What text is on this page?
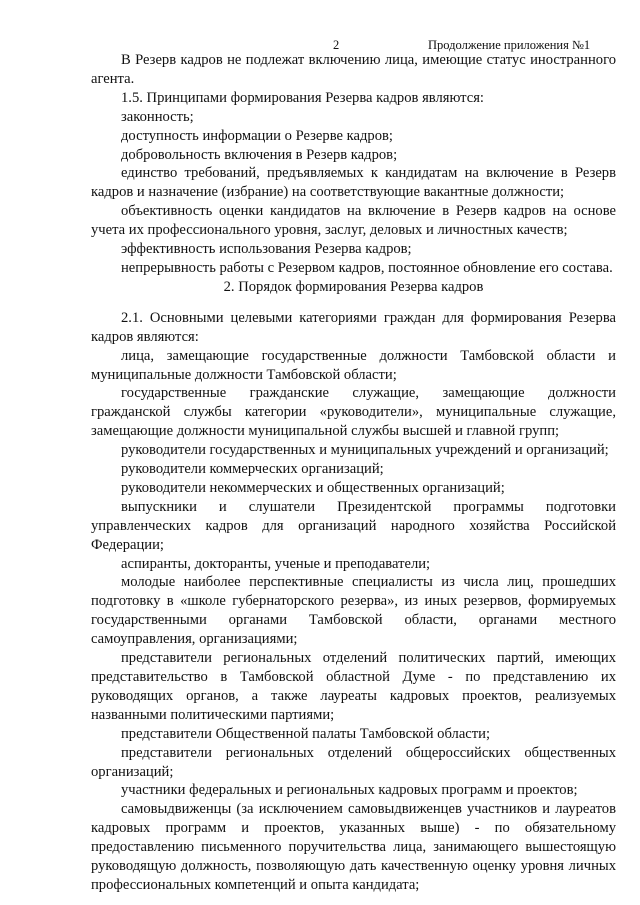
2	Продолжение приложения №1

В Резерв кадров не подлежат включению лица, имеющие статус иностранного агента.

1.5. Принципами формирования Резерва кадров являются:

законность;

доступность информации о Резерве кадров;

добровольность включения в Резерв кадров;

единство требований, предъявляемых к кандидатам на включение в Резерв кадров и назначение (избрание) на соответствующие вакантные должности;

объективность оценки кандидатов на включение в Резерв кадров на основе учета их профессионального уровня, заслуг, деловых и личностных качеств;

эффективность использования Резерва кадров;

непрерывность работы с Резервом кадров, постоянное обновление его состава.

2. Порядок формирования Резерва кадров

2.1. Основными целевыми категориями граждан для формирования Резерва кадров являются:

лица, замещающие государственные должности Тамбовской области и муниципальные должности Тамбовской области;

государственные гражданские служащие, замещающие должности гражданской службы категории «руководители», муниципальные служащие, замещающие должности муниципальной службы высшей и главной групп;

руководители государственных и муниципальных учреждений и организаций;

руководители коммерческих организаций;

руководители некоммерческих и общественных организаций;

выпускники и слушатели Президентской программы подготовки управленческих кадров для организаций народного хозяйства Российской Федерации;

аспиранты, докторанты, ученые и преподаватели;

молодые наиболее перспективные специалисты из числа лиц, прошедших подготовку в «школе губернаторского резерва», из иных резервов, формируемых государственными органами Тамбовской области, органами местного самоуправления, организациями;

представители региональных отделений политических партий, имеющих представительство в Тамбовской областной Думе - по представлению их руководящих органов, а также лауреаты кадровых проектов, реализуемых названными политическими партиями;

представители Общественной палаты Тамбовской области;

представители региональных отделений общероссийских общественных организаций;

участники федеральных и региональных кадровых программ и проектов;

самовыдвиженцы (за исключением самовыдвиженцев участников и лауреатов кадровых программ и проектов, указанных выше) - по обязательному предоставлению письменного поручительства лица, занимающего вышестоящую руководящую должность, позволяющую дать качественную оценку уровня личных профессиональных компетенций и опыта кандидата;
